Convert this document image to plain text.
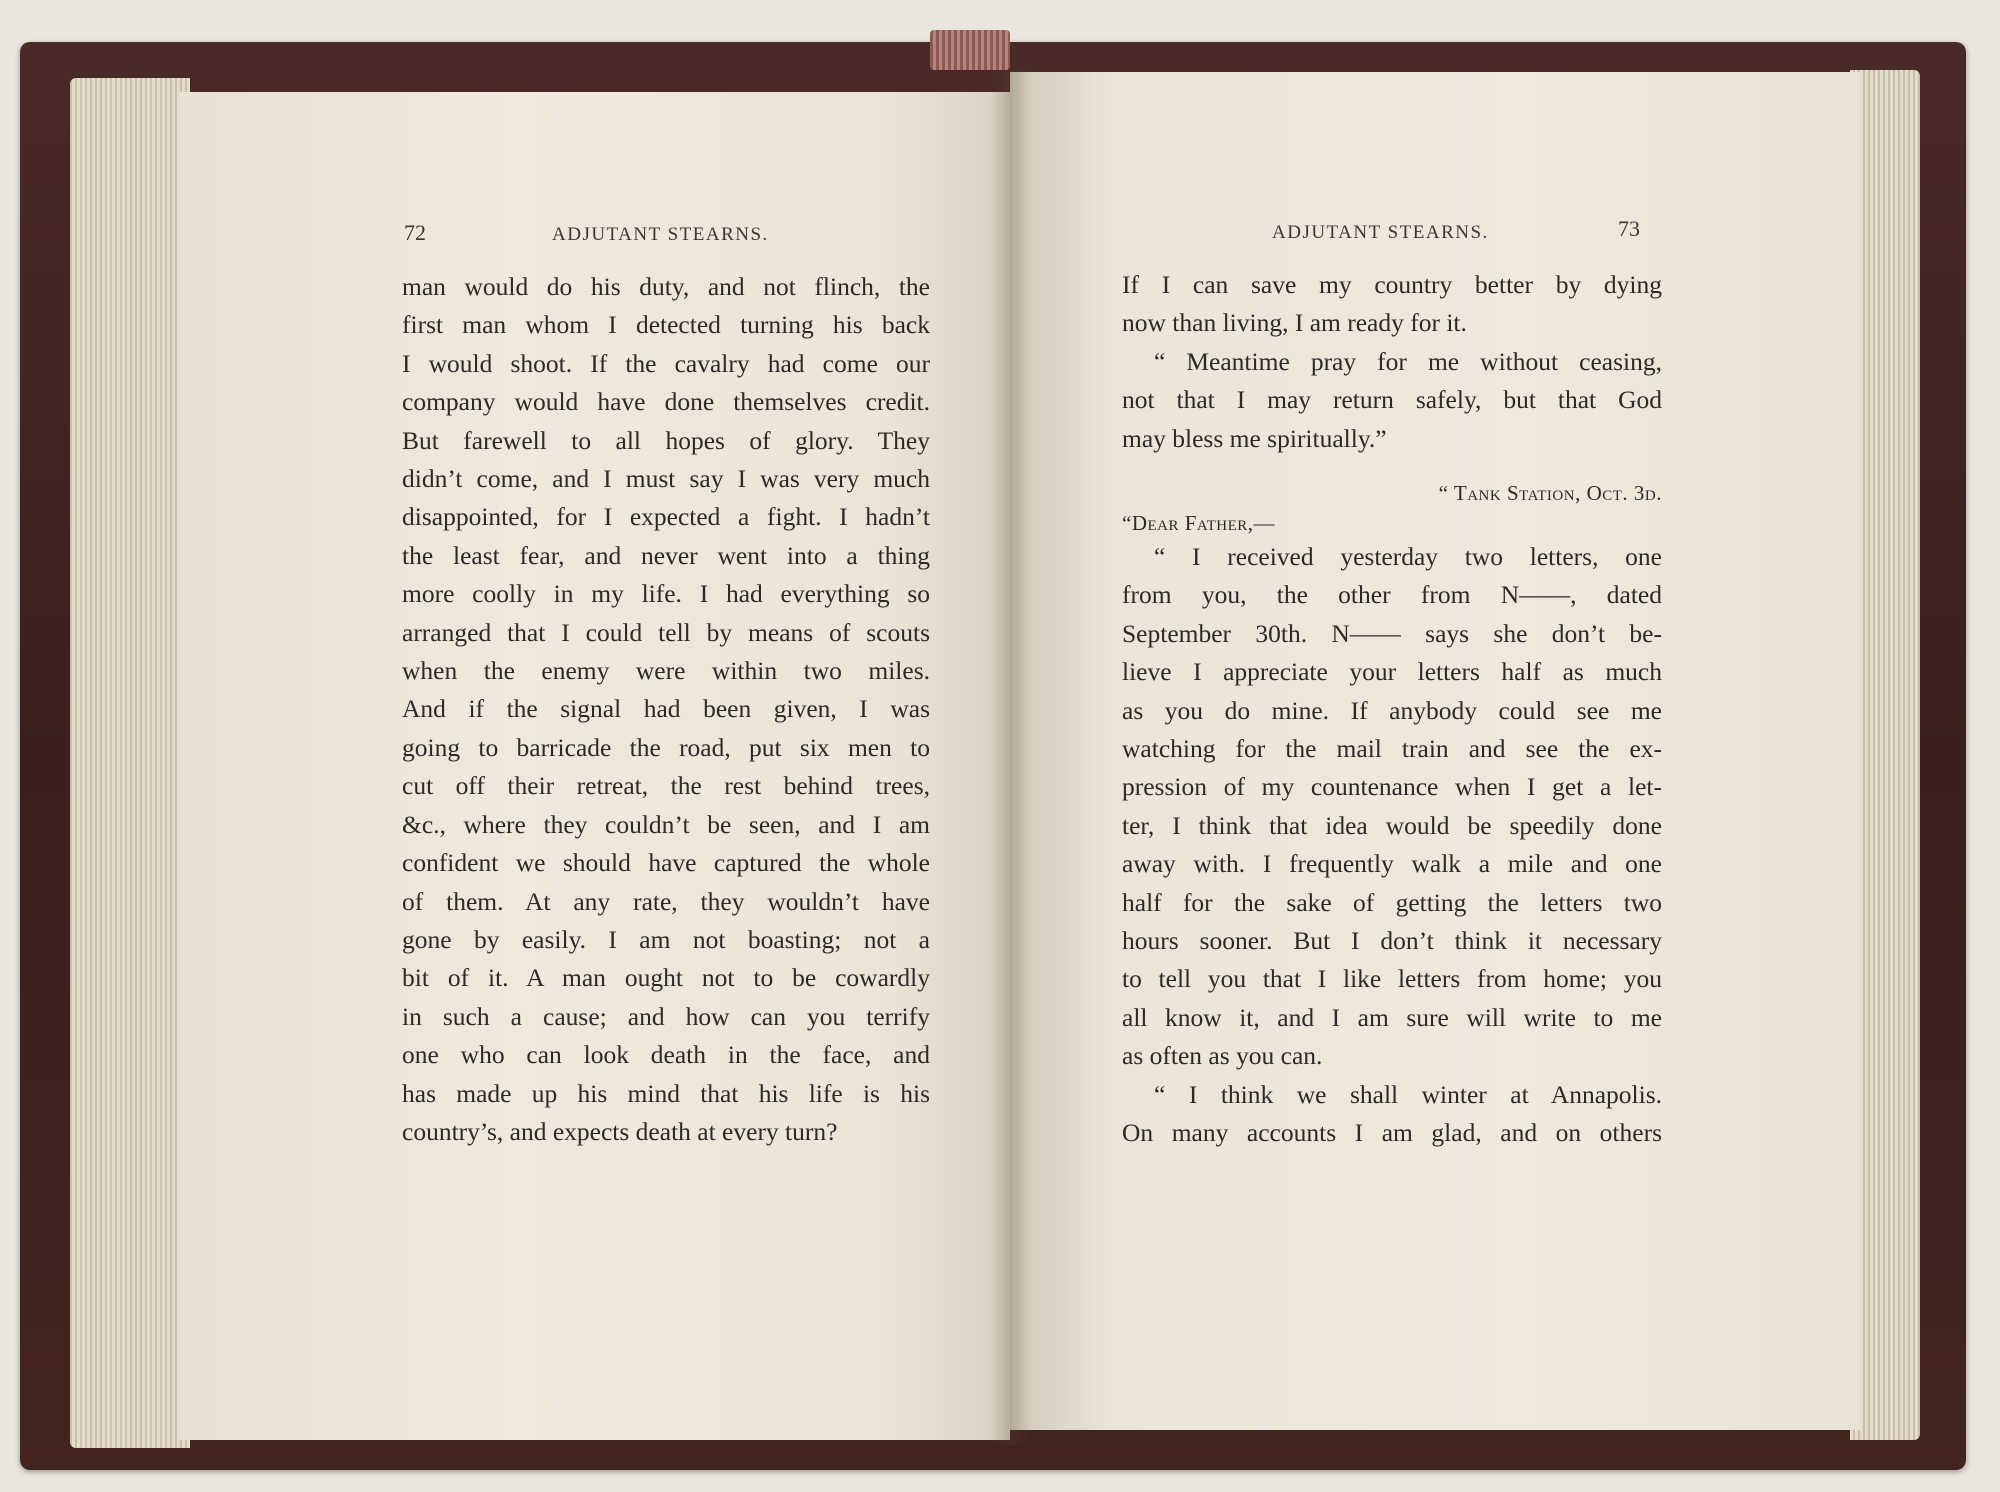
72	ADJUTANT STEARNS.
man would do his duty, and not flinch, the
first man whom I detected turning his back
I would shoot. If the cavalry had come our
company would have done themselves credit.
But farewell to all hopes of glory. They
didn’t come, and I must say I was very much
disappointed, for I expected a fight. I hadn’t
the least fear, and never went into a thing
more coolly in my life. I had everything so
arranged that I could tell by means of scouts
when the enemy were within two miles.
And if the signal had been given, I was
going to barricade the road, put six men to
cut off their retreat, the rest behind trees,
&c., where they couldn’t be seen, and I am
confident we should have captured the whole
of them. At any rate, they wouldn’t have
gone by easily. I am not boasting; not a
bit of it. A man ought not to be cowardly
in such a cause; and how can you terrify
one who can look death in the face, and
has made up his mind that his life is his
country’s, and expects death at every turn?
ADJUTANT STEARNS.	73
If I can save my country better by dying
now than living, I am ready for it.
“ Meantime pray for me without ceasing,
not that I may return safely, but that God
may bless me spiritually.”
“ Tank Station, Oct. 3d.
“Dear Father,—
“ I received yesterday two letters, one
from you, the other from N——, dated
September 30th. N—— says she don’t be-
lieve I appreciate your letters half as much
as you do mine. If anybody could see me
watching for the mail train and see the ex-
pression of my countenance when I get a let-
ter, I think that idea would be speedily done
away with. I frequently walk a mile and one
half for the sake of getting the letters two
hours sooner. But I don’t think it necessary
to tell you that I like letters from home; you
all know it, and I am sure will write to me
as often as you can.
“ I think we shall winter at Annapolis.
On many accounts I am glad, and on others
